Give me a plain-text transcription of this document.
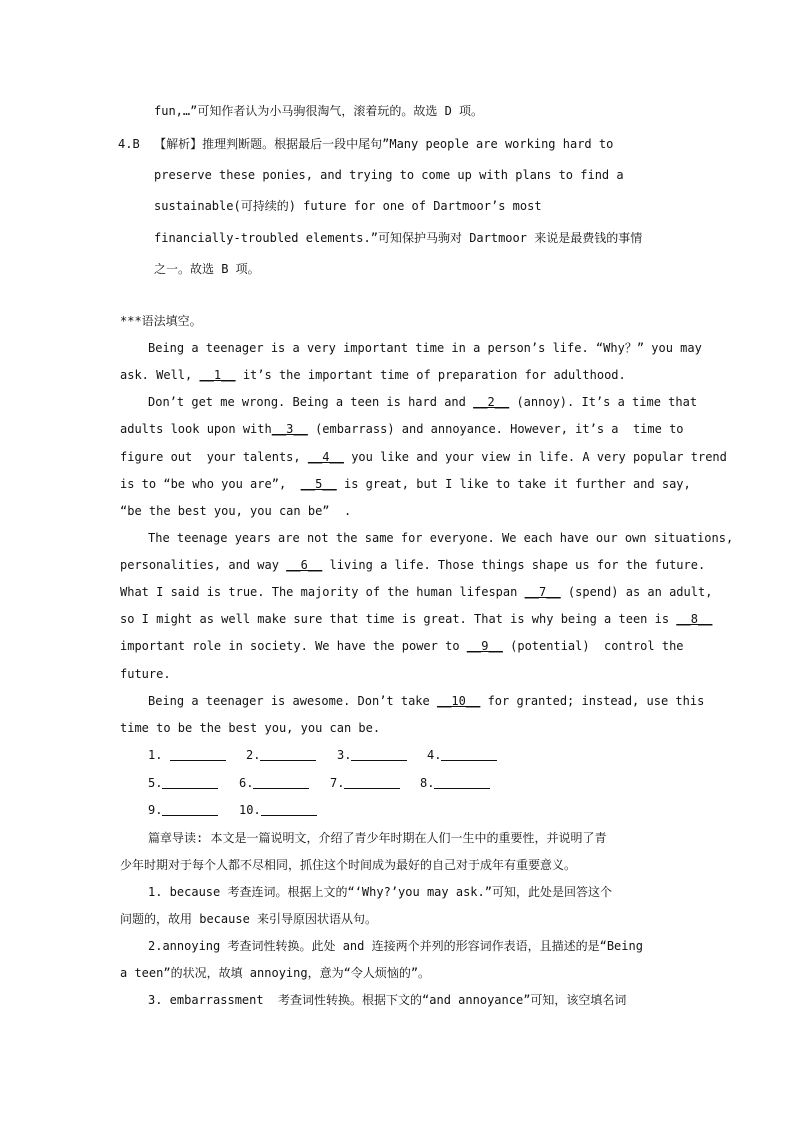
fun,…”可知作者认为小马驹很淘气，滚着玩的。故选 D 项。
4.B  【解析】推理判断题。根据最后一段中尾句”Many people are working hard to
preserve these ponies, and trying to come up with plans to find a
sustainable(可持续的) future for one of Dartmoor’s most
financially-troubled elements.”可知保护马驹对 Dartmoor 来说是最费钱的事情
之一。故选 B 项。
***语法填空。
Being a teenager is a very important time in a person’s life. “Why？” you may
ask. Well, __1__ it’s the important time of preparation for adulthood.
Don’t get me wrong. Being a teen is hard and __2__ (annoy). It’s a time that
adults look upon with__3__ (embarrass) and annoyance. However, it’s a  time to
figure out  your talents, __4__ you like and your view in life. A very popular trend
is to “be who you are”,  __5__ is great, but I like to take it further and say,
“be the best you, you can be”  .
The teenage years are not the same for everyone. We each have our own situations,
personalities, and way __6__ living a life. Those things shape us for the future.
What I said is true. The majority of the human lifespan __7__ (spend) as an adult,
so I might as well make sure that time is great. That is why being a teen is __8__
important role in society. We have the power to __9__ (potential)  control the
future.
Being a teenager is awesome. Don’t take __10__ for granted; instead, use this
time to be the best you, you can be.
1.	2.	3.	4.
5.	6.	7.	8.
9.	10.
篇章导读: 本文是一篇说明文，介绍了青少年时期在人们一生中的重要性，并说明了青
少年时期对于每个人都不尽相同，抓住这个时间成为最好的自己对于成年有重要意义。
1. because 考查连词。根据上文的“‘Why?’you may ask.”可知，此处是回答这个
问题的，故用 because 来引导原因状语从句。
2.annoying 考查词性转换。此处 and 连接两个并列的形容词作表语，且描述的是“Being
a teen”的状况，故填 annoying，意为“令人烦恼的”。
3. embarrassment  考查词性转换。根据下文的“and annoyance”可知，该空填名词
